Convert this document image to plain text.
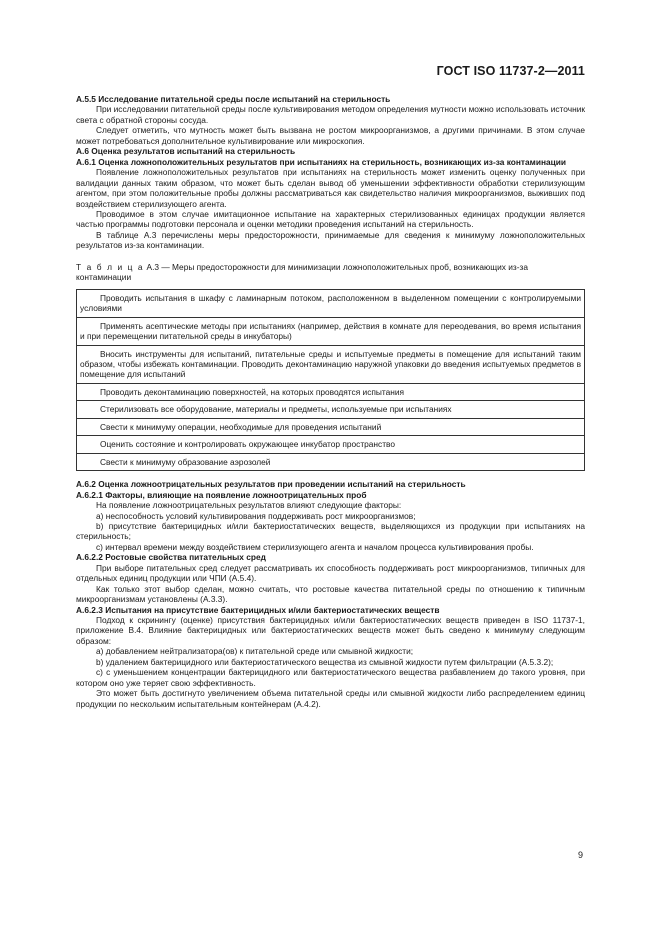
ГОСТ ISO 11737-2—2011

А.5.5 Исследование питательной среды после испытаний на стерильность

При исследовании питательной среды после культивирования методом определения мутности можно использовать источник света с обратной стороны сосуда.

Следует отметить, что мутность может быть вызвана не ростом микроорганизмов, а другими причинами. В этом случае может потребоваться дополнительное культивирование или микроскопия.

А.6 Оценка результатов испытаний на стерильность

А.6.1 Оценка ложноположительных результатов при испытаниях на стерильность, возникающих из-за контаминации

Появление ложноположительных результатов при испытаниях на стерильность может изменить оценку полученных при валидации данных таким образом, что может быть сделан вывод об уменьшении эффективности обработки стерилизующим агентом, при этом положительные пробы должны рассматриваться как свидетельство наличия микроорганизмов, выживших под воздействием стерилизующего агента.

Проводимое в этом случае имитационное испытание на характерных стерилизованных единицах продукции является частью программы подготовки персонала и оценки методики проведения испытаний на стерильность.

В таблице А.3 перечислены меры предосторожности, принимаемые для сведения к минимуму ложноположительных результатов из-за контаминации.

Т а б л и ц а А.3 — Меры предосторожности для минимизации ложноположительных проб, возникающих из-за контаминации

Проводить испытания в шкафу с ламинарным потоком, расположенном в выделенном помещении с контролируемыми условиями

Применять асептические методы при испытаниях (например, действия в комнате для переодевания, во время испытания и при перемещении питательной среды в инкубаторы)

Вносить инструменты для испытаний, питательные среды и испытуемые предметы в помещение для испытаний таким образом, чтобы избежать контаминации. Проводить деконтаминацию наружной упаковки до введения испытуемых предметов в помещение для испытаний

Проводить деконтаминацию поверхностей, на которых проводятся испытания

Стерилизовать все оборудование, материалы и предметы, используемые при испытаниях

Свести к минимуму операции, необходимые для проведения испытаний

Оценить состояние и контролировать окружающее инкубатор пространство

Свести к минимуму образование аэрозолей

А.6.2 Оценка ложноотрицательных результатов при проведении испытаний на стерильность

А.6.2.1 Факторы, влияющие на появление ложноотрицательных проб

На появление ложноотрицательных результатов влияют следующие факторы:

a) неспособность условий культивирования поддерживать рост микроорганизмов;

b) присутствие бактерицидных и/или бактериостатических веществ, выделяющихся из продукции при испытаниях на стерильность;

c) интервал времени между воздействием стерилизующего агента и началом процесса культивирования пробы.

А.6.2.2 Ростовые свойства питательных сред

При выборе питательных сред следует рассматривать их способность поддерживать рост микроорганизмов, типичных для отдельных единиц продукции или ЧПИ (А.5.4).

Как только этот выбор сделан, можно считать, что ростовые качества питательной среды по отношению к типичным микроорганизмам установлены (А.3.3).

А.6.2.3 Испытания на присутствие бактерицидных и/или бактериостатических веществ

Подход к скринингу (оценке) присутствия бактерицидных и/или бактериостатических веществ приведен в ISO 11737-1, приложение В.4. Влияние бактерицидных или бактериостатических веществ может быть сведено к минимуму следующим образом:

a) добавлением нейтрализатора(ов) к питательной среде или смывной жидкости;

b) удалением бактерицидного или бактериостатического вещества из смывной жидкости путем фильтрации (А.5.3.2);

c) с уменьшением концентрации бактерицидного или бактериостатического вещества разбавлением до такого уровня, при котором оно уже теряет свою эффективность.

Это может быть достигнуто увеличением объема питательной среды или смывной жидкости либо распределением единиц продукции по нескольким испытательным контейнерам (А.4.2).

9
